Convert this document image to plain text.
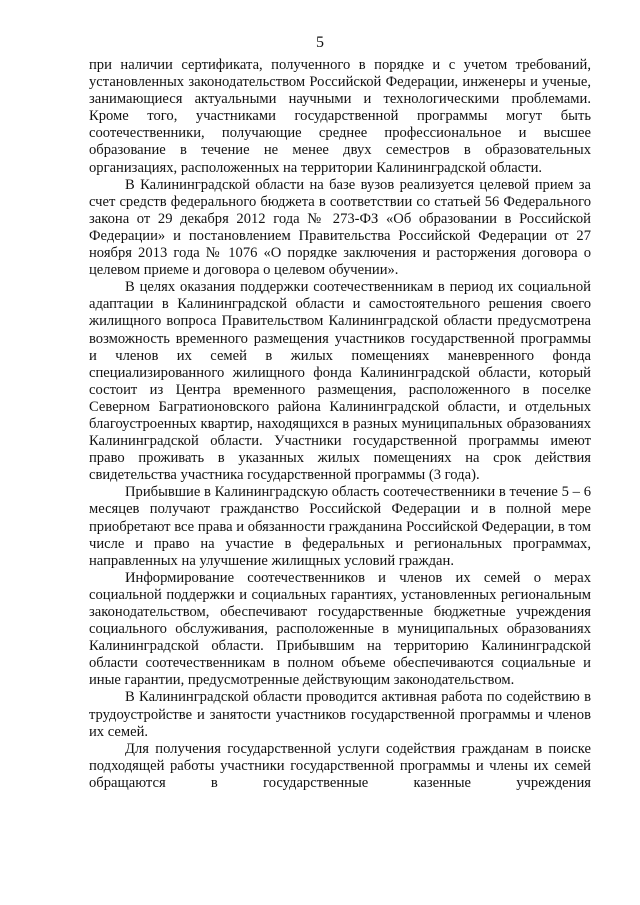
5

при наличии сертификата, полученного в порядке и с учетом требований, установленных законодательством Российской Федерации, инженеры и ученые, занимающиеся актуальными научными и технологическими проблемами. Кроме того, участниками государственной программы могут быть соотечественники, получающие среднее профессиональное и высшее образование в течение не менее двух семестров в образовательных организациях, расположенных на территории Калининградской области.

В Калининградской области на базе вузов реализуется целевой прием за счет средств федерального бюджета в соответствии со статьей 56 Федерального закона от 29 декабря 2012 года № 273-ФЗ «Об образовании в Российской Федерации» и постановлением Правительства Российской Федерации от 27 ноября 2013 года № 1076 «О порядке заключения и расторжения договора о целевом приеме и договора о целевом обучении».

В целях оказания поддержки соотечественникам в период их социальной адаптации в Калининградской области и самостоятельного решения своего жилищного вопроса Правительством Калининградской области предусмотрена возможность временного размещения участников государственной программы и членов их семей в жилых помещениях маневренного фонда специализированного жилищного фонда Калининградской области, который состоит из Центра временного размещения, расположенного в поселке Северном Багратионовского района Калининградской области, и отдельных благоустроенных квартир, находящихся в разных муниципальных образованиях Калининградской области. Участники государственной программы имеют право проживать в указанных жилых помещениях на срок действия свидетельства участника государственной программы (3 года).

Прибывшие в Калининградскую область соотечественники в течение 5 – 6 месяцев получают гражданство Российской Федерации и в полной мере приобретают все права и обязанности гражданина Российской Федерации, в том числе и право на участие в федеральных и региональных программах, направленных на улучшение жилищных условий граждан.

Информирование соотечественников и членов их семей о мерах социальной поддержки и социальных гарантиях, установленных региональным законодательством, обеспечивают государственные бюджетные учреждения социального обслуживания, расположенные в муниципальных образованиях Калининградской области. Прибывшим на территорию Калининградской области соотечественникам в полном объеме обеспечиваются социальные и иные гарантии, предусмотренные действующим законодательством.

В Калининградской области проводится активная работа по содействию в трудоустройстве и занятости участников государственной программы и членов их семей.

Для получения государственной услуги содействия гражданам в поиске подходящей работы участники государственной программы и члены их семей обращаются в государственные казенные учреждения
